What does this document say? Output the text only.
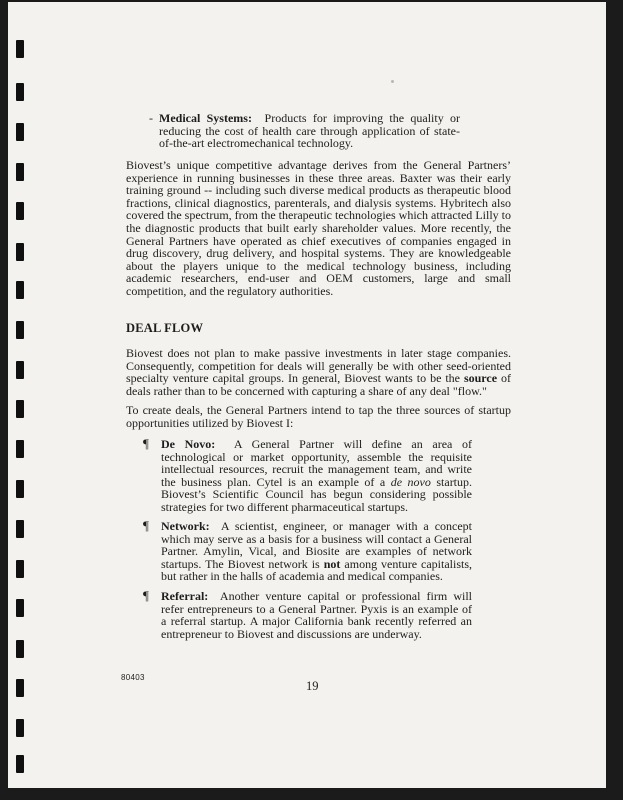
- Medical Systems: Products for improving the quality or reducing the cost of health care through application of state-of-the-art electromechanical technology.

Biovest’s unique competitive advantage derives from the General Partners’ experience in running businesses in these three areas. Baxter was their early training ground -- including such diverse medical products as therapeutic blood fractions, clinical diagnostics, parenterals, and dialysis systems. Hybritech also covered the spectrum, from the therapeutic technologies which attracted Lilly to the diagnostic products that built early shareholder values. More recently, the General Partners have operated as chief executives of companies engaged in drug discovery, drug delivery, and hospital systems. They are knowledgeable about the players unique to the medical technology business, including academic researchers, end-user and OEM customers, large and small competition, and the regulatory authorities.

DEAL FLOW

Biovest does not plan to make passive investments in later stage companies. Consequently, competition for deals will generally be with other seed-oriented specialty venture capital groups. In general, Biovest wants to be the source of deals rather than to be concerned with capturing a share of any deal "flow."

To create deals, the General Partners intend to tap the three sources of startup opportunities utilized by Biovest I:

¶ De Novo: A General Partner will define an area of technological or market opportunity, assemble the requisite intellectual resources, recruit the management team, and write the business plan. Cytel is an example of a de novo startup. Biovest’s Scientific Council has begun considering possible strategies for two different pharmaceutical startups.

¶ Network: A scientist, engineer, or manager with a concept which may serve as a basis for a business will contact a General Partner. Amylin, Vical, and Biosite are examples of network startups. The Biovest network is not among venture capitalists, but rather in the halls of academia and medical companies.

¶ Referral: Another venture capital or professional firm will refer entrepreneurs to a General Partner. Pyxis is an example of a referral startup. A major California bank recently referred an entrepreneur to Biovest and discussions are underway.

80403
19
